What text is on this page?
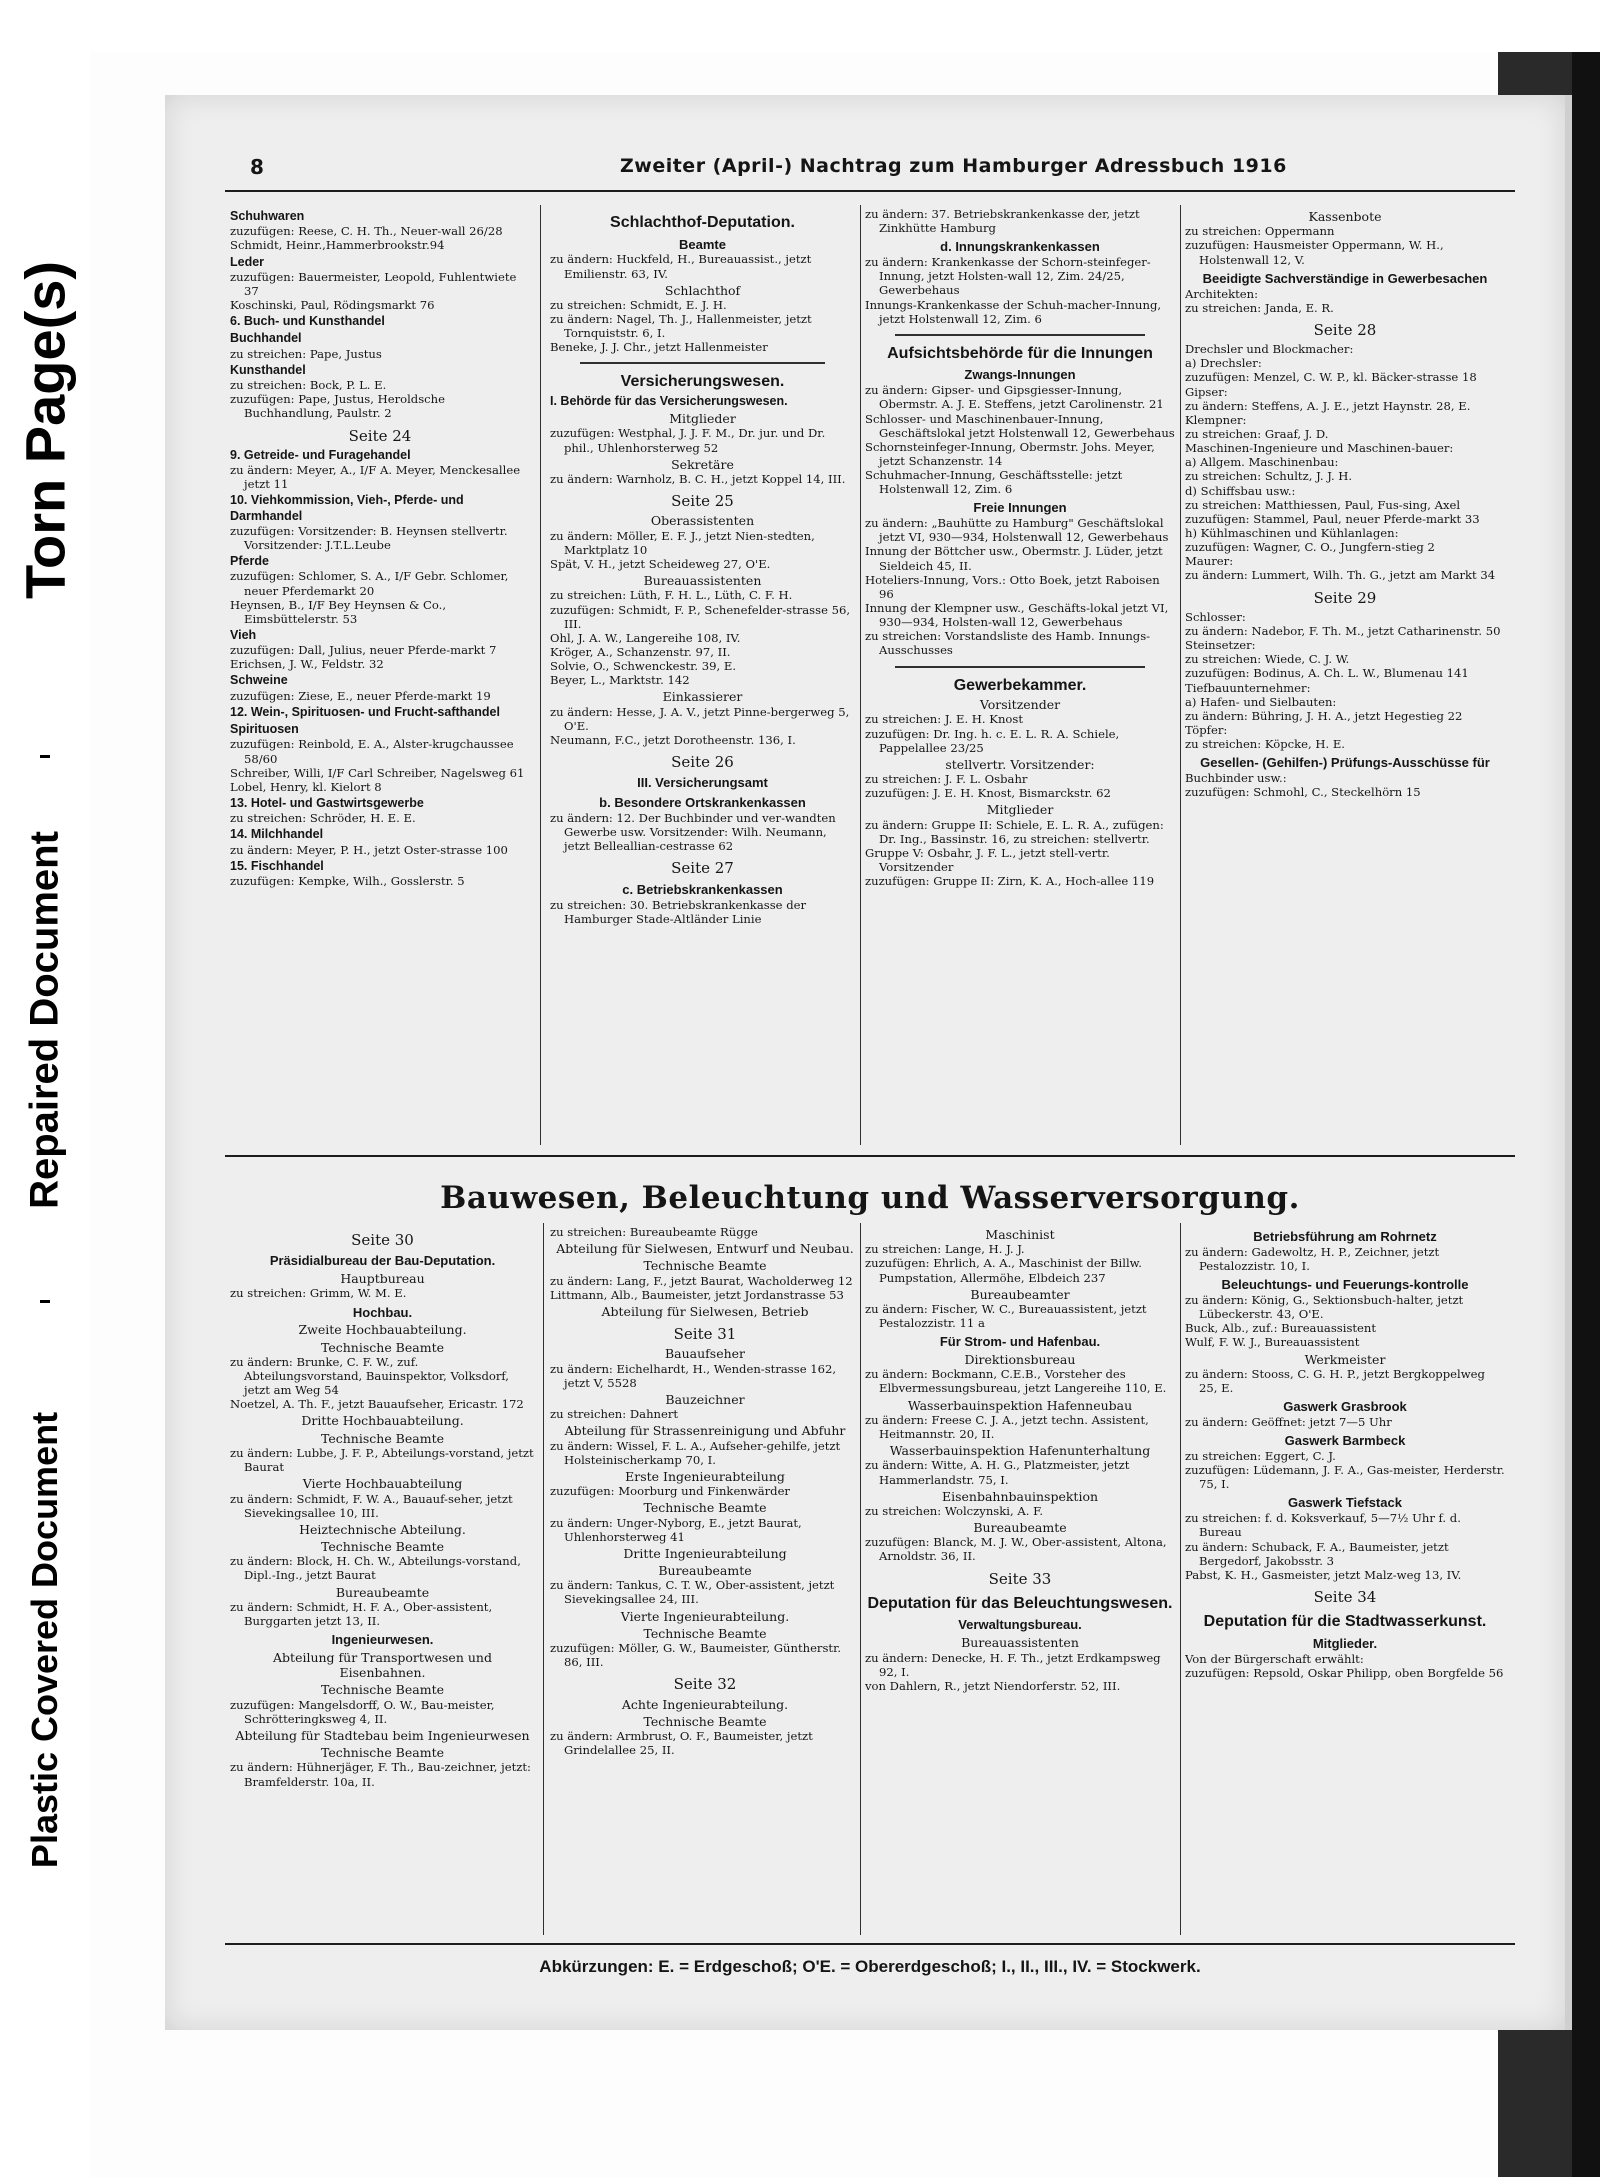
Torn Page(s)
Repaired Document
Plastic Covered Document
8	Zweiter (April-) Nachtrag zum Hamburger Adressbuch 1916
Schuhwaren
zuzufügen: Reese, C. H. Th., Neuer-wall 26/28
Schmidt, Heinr.,Hammerbrookstr.94
Leder
zuzufügen: Bauermeister, Leopold, Fuhlentwiete 37
Koschinski, Paul, Rödingsmarkt 76
6. Buch- und Kunsthandel
Buchhandel
zu streichen: Pape, Justus
Kunsthandel
zu streichen: Bock, P. L. E.
zuzufügen: Pape, Justus, Heroldsche Buchhandlung, Paulstr. 2
Seite 24
9. Getreide- und Furagehandel
zu ändern: Meyer, A., I/F A. Meyer, Menckesallee jetzt 11
10. Viehkommission, Vieh-, Pferde- und Darmhandel
zuzufügen: Vorsitzender: B. Heynsen stellvertr. Vorsitzender: J.T.L.Leube
Pferde
zuzufügen: Schlomer, S. A., I/F Gebr. Schlomer, neuer Pferdemarkt 20
Heynsen, B., I/F Bey Heynsen & Co., Eimsbüttelerstr. 53
Vieh
zuzufügen: Dall, Julius, neuer Pferde-markt 7
Erichsen, J. W., Feldstr. 32
Schweine
zuzufügen: Ziese, E., neuer Pferde-markt 19
12. Wein-, Spirituosen- und Frucht-safthandel
Spirituosen
zuzufügen: Reinbold, E. A., Alster-krugchaussee 58/60
Schreiber, Willi, I/F Carl Schreiber, Nagelsweg 61
Lobel, Henry, kl. Kielort 8
13. Hotel- und Gastwirtsgewerbe
zu streichen: Schröder, H. E. E.
14. Milchhandel
zu ändern: Meyer, P. H., jetzt Oster-strasse 100
15. Fischhandel
zuzufügen: Kempke, Wilh., Gosslerstr. 5
Schlachthof-Deputation.
Beamte
zu ändern: Huckfeld, H., Bureauassist., jetzt Emilienstr. 63, IV.
Schlachthof
zu streichen: Schmidt, E. J. H.
zu ändern: Nagel, Th. J., Hallenmeister, jetzt Tornquiststr. 6, I.
Beneke, J. J. Chr., jetzt Hallenmeister
Versicherungswesen.
I. Behörde für das Versicherungswesen.
Mitglieder
zuzufügen: Westphal, J. J. F. M., Dr. jur. und Dr. phil., Uhlenhorsterweg 52
Sekretäre
zu ändern: Warnholz, B. C. H., jetzt Koppel 14, III.
Seite 25
Oberassistenten
zu ändern: Möller, E. F. J., jetzt Nien-stedten, Marktplatz 10
Spät, V. H., jetzt Scheideweg 27, O'E.
Bureauassistenten
zu streichen: Lüth, F. H. L., Lüth, C. F. H.
zuzufügen: Schmidt, F. P., Schenefelder-strasse 56, III.
Ohl, J. A. W., Langereihe 108, IV.
Kröger, A., Schanzenstr. 97, II.
Solvie, O., Schwenckestr. 39, E.
Beyer, L., Marktstr. 142
Einkassierer
zu ändern: Hesse, J. A. V., jetzt Pinne-bergerweg 5, O'E.
Neumann, F.C., jetzt Dorotheenstr. 136, I.
Seite 26
III. Versicherungsamt
b. Besondere Ortskrankenkassen
zu ändern: 12. Der Buchbinder und ver-wandten Gewerbe usw. Vorsitzender: Wilh. Neumann, jetzt Belleallian-cestrasse 62
Seite 27
c. Betriebskrankenkassen
zu streichen: 30. Betriebskrankenkasse der Hamburger Stade-Altländer Linie
zu ändern: 37. Betriebskrankenkasse der, jetzt Zinkhütte Hamburg
d. Innungskrankenkassen
zu ändern: Krankenkasse der Schorn-steinfeger-Innung, jetzt Holsten-wall 12, Zim. 24/25, Gewerbehaus
Innungs-Krankenkasse der Schuh-macher-Innung, jetzt Holstenwall 12, Zim. 6
Aufsichtsbehörde für die Innungen
Zwangs-Innungen
zu ändern: Gipser- und Gipsgiesser-Innung, Obermstr. A. J. E. Steffens, jetzt Carolinenstr. 21
Schlosser- und Maschinenbauer-Innung, Geschäftslokal jetzt Holstenwall 12, Gewerbehaus
Schornsteinfeger-Innung, Obermstr. Johs. Meyer, jetzt Schanzenstr. 14
Schuhmacher-Innung, Geschäftsstelle: jetzt Holstenwall 12, Zim. 6
Freie Innungen
zu ändern: „Bauhütte zu Hamburg" Geschäftslokal jetzt VI, 930—934, Holstenwall 12, Gewerbehaus
Innung der Böttcher usw., Obermstr. J. Lüder, jetzt Sieldeich 45, II.
Hoteliers-Innung, Vors.: Otto Boek, jetzt Raboisen 96
Innung der Klempner usw., Geschäfts-lokal jetzt VI, 930—934, Holsten-wall 12, Gewerbehaus
zu streichen: Vorstandsliste des Hamb. Innungs-Ausschusses
Gewerbekammer.
Vorsitzender
zu streichen: J. E. H. Knost
zuzufügen: Dr. Ing. h. c. E. L. R. A. Schiele, Pappelallee 23/25
stellvertr. Vorsitzender:
zu streichen: J. F. L. Osbahr
zuzufügen: J. E. H. Knost, Bismarckstr. 62
Mitglieder
zu ändern: Gruppe II: Schiele, E. L. R. A., zufügen: Dr. Ing., Bassinstr. 16, zu streichen: stellvertr.
Gruppe V: Osbahr, J. F. L., jetzt stell-vertr. Vorsitzender
zuzufügen: Gruppe II: Zirn, K. A., Hoch-allee 119
Kassenbote
zu streichen: Oppermann
zuzufügen: Hausmeister Oppermann, W. H., Holstenwall 12, V.
Beeidigte Sachverständige in Gewerbesachen
Architekten:
zu streichen: Janda, E. R.
Seite 28
Drechsler und Blockmacher:
a) Drechsler:
zuzufügen: Menzel, C. W. P., kl. Bäcker-strasse 18
Gipser:
zu ändern: Steffens, A. J. E., jetzt Haynstr. 28, E.
Klempner:
zu streichen: Graaf, J. D.
Maschinen-Ingenieure und Maschinen-bauer:
a) Allgem. Maschinenbau:
zu streichen: Schultz, J. J. H.
d) Schiffsbau usw.:
zu streichen: Matthiessen, Paul, Fus-sing, Axel
zuzufügen: Stammel, Paul, neuer Pferde-markt 33
h) Kühlmaschinen und Kühlanlagen:
zuzufügen: Wagner, C. O., Jungfern-stieg 2
Maurer:
zu ändern: Lummert, Wilh. Th. G., jetzt am Markt 34
Seite 29
Schlosser:
zu ändern: Nadebor, F. Th. M., jetzt Catharinenstr. 50
Steinsetzer:
zu streichen: Wiede, C. J. W.
zuzufügen: Bodinus, A. Ch. L. W., Blumenau 141
Tiefbauunternehmer:
a) Hafen- und Sielbauten:
zu ändern: Bühring, J. H. A., jetzt Hegestieg 22
Töpfer:
zu streichen: Köpcke, H. E.
Gesellen- (Gehilfen-) Prüfungs-Ausschüsse für
Buchbinder usw.:
zuzufügen: Schmohl, C., Steckelhörn 15
Bauwesen, Beleuchtung und Wasserversorgung.
Seite 30
Präsidialbureau der Bau-Deputation.
Hauptbureau
zu streichen: Grimm, W. M. E.
Hochbau.
Zweite Hochbauabteilung.
Technische Beamte
zu ändern: Brunke, C. F. W., zuf. Abteilungsvorstand, Bauinspektor, Volksdorf, jetzt am Weg 54
Noetzel, A. Th. F., jetzt Bauaufseher, Ericastr. 172
Dritte Hochbauabteilung.
Technische Beamte
zu ändern: Lubbe, J. F. P., Abteilungs-vorstand, jetzt Baurat
Vierte Hochbauabteilung
zu ändern: Schmidt, F. W. A., Bauauf-seher, jetzt Sievekingsallee 10, III.
Heiztechnische Abteilung.
Technische Beamte
zu ändern: Block, H. Ch. W., Abteilungs-vorstand, Dipl.-Ing., jetzt Baurat
Bureaubeamte
zu ändern: Schmidt, H. F. A., Ober-assistent, Burggarten jetzt 13, II.
Ingenieurwesen.
Abteilung für Transportwesen und Eisenbahnen.
Technische Beamte
zuzufügen: Mangelsdorff, O. W., Bau-meister, Schrötteringksweg 4, II.
Abteilung für Stadtebau beim Ingenieurwesen
Technische Beamte
zu ändern: Hühnerjäger, F. Th., Bau-zeichner, jetzt: Bramfelderstr. 10a, II.
zu streichen: Bureaubeamte Rügge
Abteilung für Sielwesen, Entwurf und Neubau.
Technische Beamte
zu ändern: Lang, F., jetzt Baurat, Wacholderweg 12
Littmann, Alb., Baumeister, jetzt Jordanstrasse 53
Abteilung für Sielwesen, Betrieb
Seite 31
Bauaufseher
zu ändern: Eichelhardt, H., Wenden-strasse 162, jetzt V, 5528
Bauzeichner
zu streichen: Dahnert
Abteilung für Strassenreinigung und Abfuhr
zu ändern: Wissel, F. L. A., Aufseher-gehilfe, jetzt Holsteinischerkamp 70, I.
Erste Ingenieurabteilung
zuzufügen: Moorburg und Finkenwärder
Technische Beamte
zu ändern: Unger-Nyborg, E., jetzt Baurat, Uhlenhorsterweg 41
Dritte Ingenieurabteilung
Bureaubeamte
zu ändern: Tankus, C. T. W., Ober-assistent, jetzt Sievekingsallee 24, III.
Vierte Ingenieurabteilung.
Technische Beamte
zuzufügen: Möller, G. W., Baumeister, Güntherstr. 86, III.
Seite 32
Achte Ingenieurabteilung.
Technische Beamte
zu ändern: Armbrust, O. F., Baumeister, jetzt Grindelallee 25, II.
Maschinist
zu streichen: Lange, H. J. J.
zuzufügen: Ehrlich, A. A., Maschinist der Billw. Pumpstation, Allermöhe, Elbdeich 237
Bureaubeamter
zu ändern: Fischer, W. C., Bureauassistent, jetzt Pestalozzistr. 11 a
Für Strom- und Hafenbau.
Direktionsbureau
zu ändern: Bockmann, C.E.B., Vorsteher des Elbvermessungsbureau, jetzt Langereihe 110, E.
Wasserbauinspektion Hafenneubau
zu ändern: Freese C. J. A., jetzt techn. Assistent, Heitmannstr. 20, II.
Wasserbauinspektion Hafenunterhaltung
zu ändern: Witte, A. H. G., Platzmeister, jetzt Hammerlandstr. 75, I.
Eisenbahnbauinspektion
zu streichen: Wolczynski, A. F.
Bureaubeamte
zuzufügen: Blanck, M. J. W., Ober-assistent, Altona, Arnoldstr. 36, II.
Seite 33
Deputation für das Beleuchtungswesen.
Verwaltungsbureau.
Bureauassistenten
zu ändern: Denecke, H. F. Th., jetzt Erdkampsweg 92, I.
von Dahlern, R., jetzt Niendorferstr. 52, III.
Betriebsführung am Rohrnetz
zu ändern: Gadewoltz, H. P., Zeichner, jetzt Pestalozzistr. 10, I.
Beleuchtungs- und Feuerungs-kontrolle
zu ändern: König, G., Sektionsbuch-halter, jetzt Lübeckerstr. 43, O'E.
Buck, Alb., zuf.: Bureauassistent
Wulf, F. W. J., Bureauassistent
Werkmeister
zu ändern: Stooss, C. G. H. P., jetzt Bergkoppelweg 25, E.
Gaswerk Grasbrook
zu ändern: Geöffnet: jetzt 7—5 Uhr
Gaswerk Barmbeck
zu streichen: Eggert, C. J.
zuzufügen: Lüdemann, J. F. A., Gas-meister, Herderstr. 75, I.
Gaswerk Tiefstack
zu streichen: f. d. Koksverkauf, 5—7½ Uhr f. d. Bureau
zu ändern: Schuback, F. A., Baumeister, jetzt Bergedorf, Jakobsstr. 3
Pabst, K. H., Gasmeister, jetzt Malz-weg 13, IV.
Seite 34
Deputation für die Stadtwasserkunst.
Mitglieder.
Von der Bürgerschaft erwählt:
zuzufügen: Repsold, Oskar Philipp, oben Borgfelde 56
Abkürzungen: E. = Erdgeschoß; O'E. = Obererdgeschoß; I., II., III., IV. = Stockwerk.
